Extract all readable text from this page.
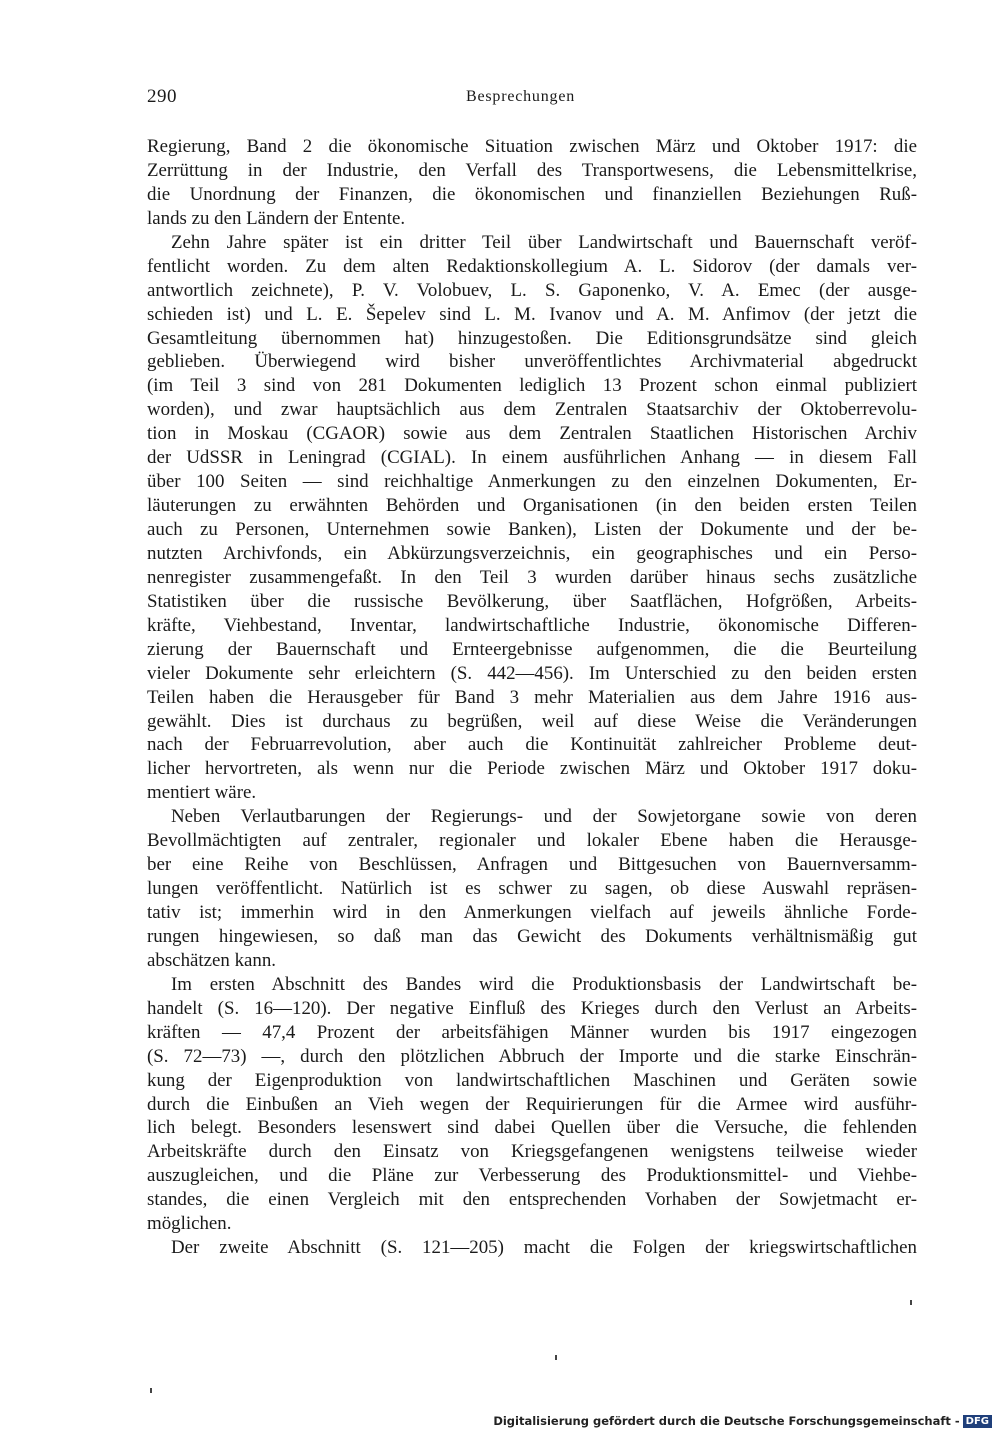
290	Besprechungen
Regierung, Band 2 die ökonomische Situation zwischen März und Oktober 1917: die
Zerrüttung in der Industrie, den Verfall des Transportwesens, die Lebensmittelkrise,
die Unordnung der Finanzen, die ökonomischen und finanziellen Beziehungen Ruß-
lands zu den Ländern der Entente.
Zehn Jahre später ist ein dritter Teil über Landwirtschaft und Bauernschaft veröf-
fentlicht worden. Zu dem alten Redaktionskollegium A. L. Sidorov (der damals ver-
antwortlich zeichnete), P. V. Volobuev, L. S. Gaponenko, V. A. Emec (der ausge-
schieden ist) und L. E. Šepelev sind L. M. Ivanov und A. M. Anfimov (der jetzt die
Gesamtleitung übernommen hat) hinzugestoßen. Die Editionsgrundsätze sind gleich
geblieben. Überwiegend wird bisher unveröffentlichtes Archivmaterial abgedruckt
(im Teil 3 sind von 281 Dokumenten lediglich 13 Prozent schon einmal publiziert
worden), und zwar hauptsächlich aus dem Zentralen Staatsarchiv der Oktoberrevolu-
tion in Moskau (CGAOR) sowie aus dem Zentralen Staatlichen Historischen Archiv
der UdSSR in Leningrad (CGIAL). In einem ausführlichen Anhang — in diesem Fall
über 100 Seiten — sind reichhaltige Anmerkungen zu den einzelnen Dokumenten, Er-
läuterungen zu erwähnten Behörden und Organisationen (in den beiden ersten Teilen
auch zu Personen, Unternehmen sowie Banken), Listen der Dokumente und der be-
nutzten Archivfonds, ein Abkürzungsverzeichnis, ein geographisches und ein Perso-
nenregister zusammengefaßt. In den Teil 3 wurden darüber hinaus sechs zusätzliche
Statistiken über die russische Bevölkerung, über Saatflächen, Hofgrößen, Arbeits-
kräfte, Viehbestand, Inventar, landwirtschaftliche Industrie, ökonomische Differen-
zierung der Bauernschaft und Ernteergebnisse aufgenommen, die die Beurteilung
vieler Dokumente sehr erleichtern (S. 442—456). Im Unterschied zu den beiden ersten
Teilen haben die Herausgeber für Band 3 mehr Materialien aus dem Jahre 1916 aus-
gewählt. Dies ist durchaus zu begrüßen, weil auf diese Weise die Veränderungen
nach der Februarrevolution, aber auch die Kontinuität zahlreicher Probleme deut-
licher hervortreten, als wenn nur die Periode zwischen März und Oktober 1917 doku-
mentiert wäre.
Neben Verlautbarungen der Regierungs- und der Sowjetorgane sowie von deren
Bevollmächtigten auf zentraler, regionaler und lokaler Ebene haben die Herausge-
ber eine Reihe von Beschlüssen, Anfragen und Bittgesuchen von Bauernversamm-
lungen veröffentlicht. Natürlich ist es schwer zu sagen, ob diese Auswahl repräsen-
tativ ist; immerhin wird in den Anmerkungen vielfach auf jeweils ähnliche Forde-
rungen hingewiesen, so daß man das Gewicht des Dokuments verhältnismäßig gut
abschätzen kann.
Im ersten Abschnitt des Bandes wird die Produktionsbasis der Landwirtschaft be-
handelt (S. 16—120). Der negative Einfluß des Krieges durch den Verlust an Arbeits-
kräften — 47,4 Prozent der arbeitsfähigen Männer wurden bis 1917 eingezogen
(S. 72—73) —, durch den plötzlichen Abbruch der Importe und die starke Einschrän-
kung der Eigenproduktion von landwirtschaftlichen Maschinen und Geräten sowie
durch die Einbußen an Vieh wegen der Requirierungen für die Armee wird ausführ-
lich belegt. Besonders lesenswert sind dabei Quellen über die Versuche, die fehlenden
Arbeitskräfte durch den Einsatz von Kriegsgefangenen wenigstens teilweise wieder
auszugleichen, und die Pläne zur Verbesserung des Produktionsmittel- und Viehbe-
standes, die einen Vergleich mit den entsprechenden Vorhaben der Sowjetmacht er-
möglichen.
Der zweite Abschnitt (S. 121—205) macht die Folgen der kriegswirtschaftlichen
Digitalisierung gefördert durch die Deutsche Forschungsgemeinschaft - DFG
